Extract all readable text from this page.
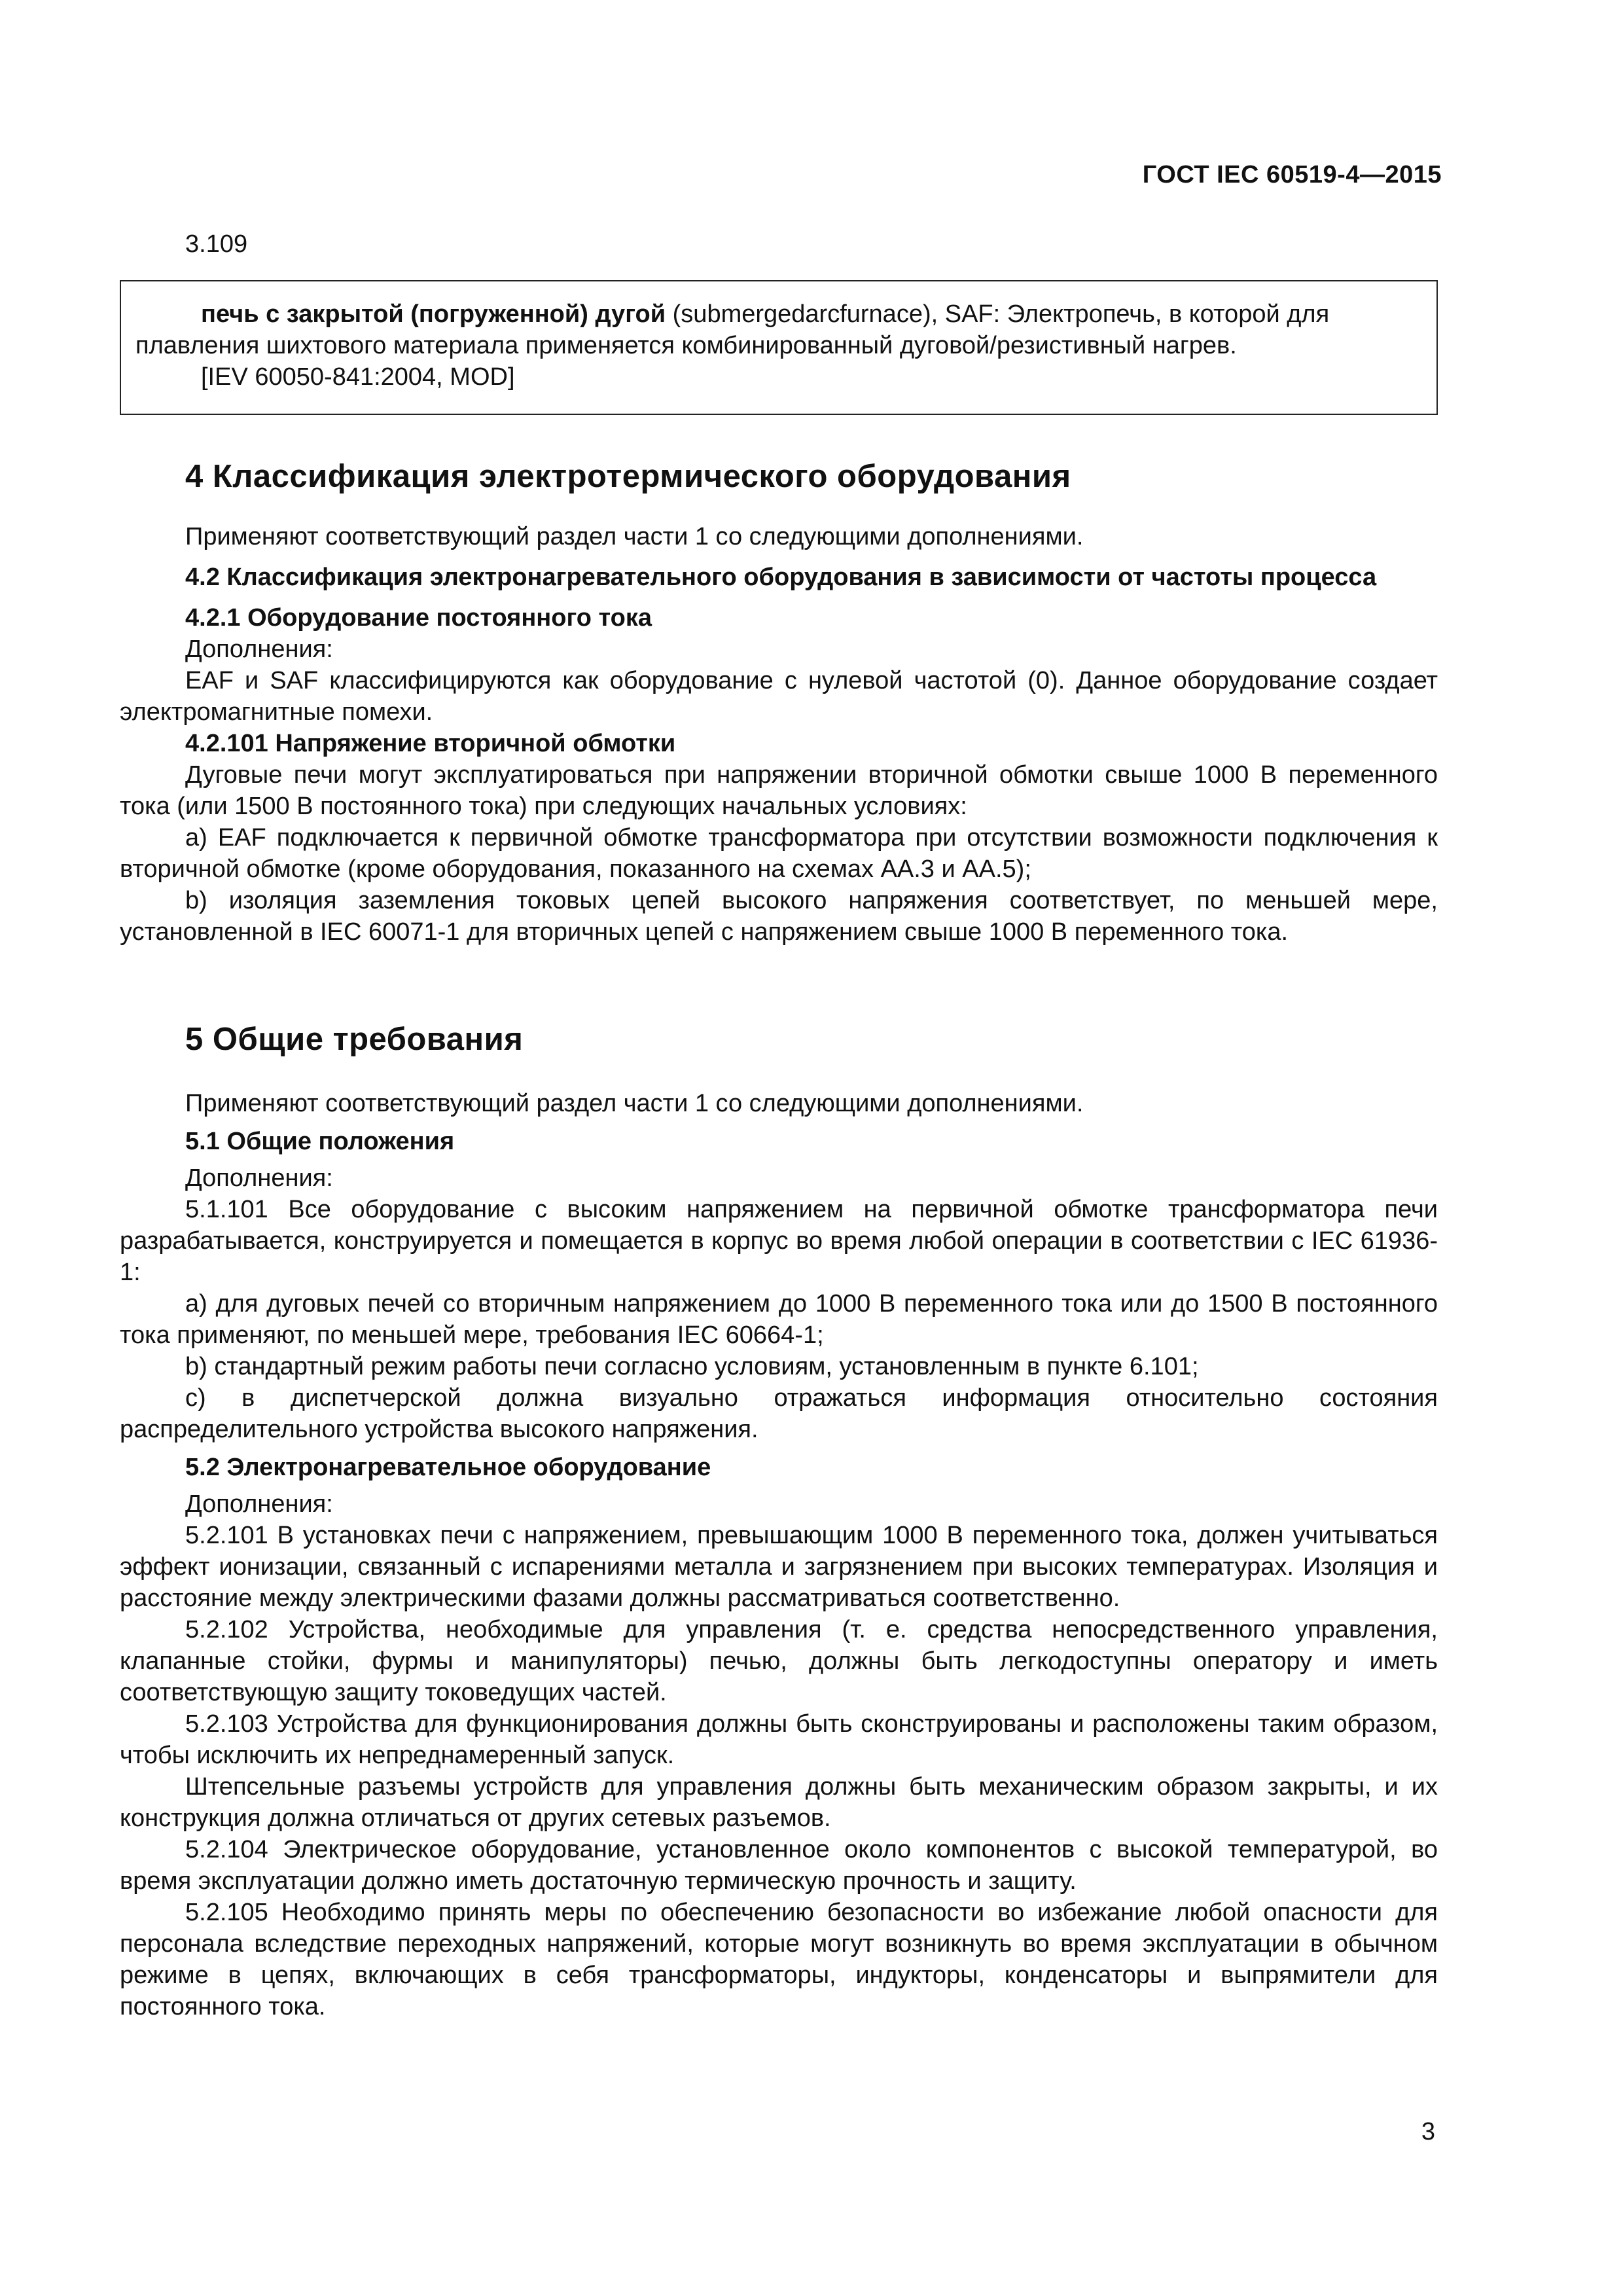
ГОСТ IEC 60519-4—2015
3.109
печь с закрытой (погруженной) дугой (submergedarcfurnace), SAF: Электропечь, в которой для
плавления шихтового материала применяется комбинированный дуговой/резистивный нагрев.
[IEV 60050-841:2004, MOD]
4 Классификация электротермического оборудования
Применяют соответствующий раздел части 1 со следующими дополнениями.
4.2 Классификация электронагревательного оборудования в зависимости от частоты процесса
4.2.1 Оборудование постоянного тока
Дополнения:
EAF и SAF классифицируются как оборудование с нулевой частотой (0). Данное оборудование создает электромагнитные помехи.
4.2.101 Напряжение вторичной обмотки
Дуговые печи могут эксплуатироваться при напряжении вторичной обмотки свыше 1000 В переменного тока (или 1500 В постоянного тока) при следующих начальных условиях:
a) EAF подключается к первичной обмотке трансформатора при отсутствии возможности подключения к вторичной обмотке (кроме оборудования, показанного на схемах АА.3 и АА.5);
b) изоляция заземления токовых цепей высокого напряжения соответствует, по меньшей мере, установленной в IEC 60071-1 для вторичных цепей с напряжением свыше 1000 В переменного тока.
5 Общие требования
Применяют соответствующий раздел части 1 со следующими дополнениями.
5.1 Общие положения
Дополнения:
5.1.101 Все оборудование с высоким напряжением на первичной обмотке трансформатора печи разрабатывается, конструируется и помещается в корпус во время любой операции в соответствии с IEC 61936-1:
a) для дуговых печей со вторичным напряжением до 1000 В переменного тока или до 1500 В постоянного тока применяют, по меньшей мере, требования IEC 60664-1;
b) стандартный режим работы печи согласно условиям, установленным в пункте 6.101;
c) в диспетчерской должна визуально отражаться информация относительно состояния распределительного устройства высокого напряжения.
5.2 Электронагревательное оборудование
Дополнения:
5.2.101 В установках печи с напряжением, превышающим 1000 В переменного тока, должен учитываться эффект ионизации, связанный с испарениями металла и загрязнением при высоких температурах. Изоляция и расстояние между электрическими фазами должны рассматриваться соответственно.
5.2.102 Устройства, необходимые для управления (т. е. средства непосредственного управления, клапанные стойки, фурмы и манипуляторы) печью, должны быть легкодоступны оператору и иметь соответствующую защиту токоведущих частей.
5.2.103 Устройства для функционирования должны быть сконструированы и расположены таким образом, чтобы исключить их непреднамеренный запуск.
Штепсельные разъемы устройств для управления должны быть механическим образом закрыты, и их конструкция должна отличаться от других сетевых разъемов.
5.2.104 Электрическое оборудование, установленное около компонентов с высокой температурой, во время эксплуатации должно иметь достаточную термическую прочность и защиту.
5.2.105 Необходимо принять меры по обеспечению безопасности во избежание любой опасности для персонала вследствие переходных напряжений, которые могут возникнуть во время эксплуатации в обычном режиме в цепях, включающих в себя трансформаторы, индукторы, конденсаторы и выпрямители для постоянного тока.
3
